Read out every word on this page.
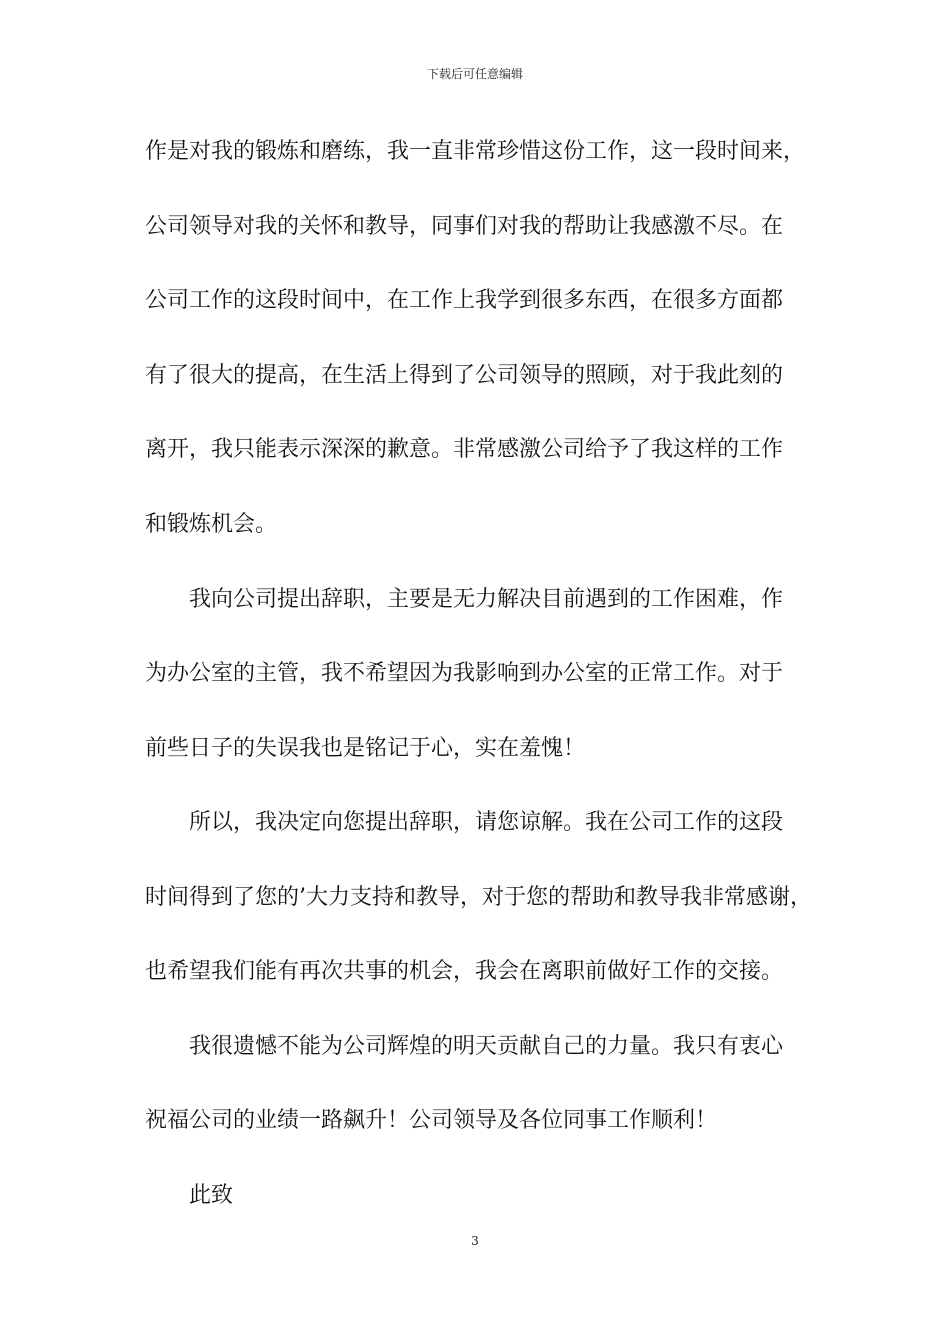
下载后可任意编辑
作是对我的锻炼和磨练，我一直非常珍惜这份工作，这一段时间来，
公司领导对我的关怀和教导，同事们对我的帮助让我感激不尽。在
公司工作的这段时间中，在工作上我学到很多东西，在很多方面都
有了很大的提高，在生活上得到了公司领导的照顾，对于我此刻的
离开，我只能表示深深的歉意。非常感激公司给予了我这样的工作
和锻炼机会。
我向公司提出辞职，主要是无力解决目前遇到的工作困难，作
为办公室的主管，我不希望因为我影响到办公室的正常工作。对于
前些日子的失误我也是铭记于心，实在羞愧！
所以，我决定向您提出辞职，请您谅解。我在公司工作的这段
时间得到了您的’大力支持和教导，对于您的帮助和教导我非常感谢，
也希望我们能有再次共事的机会，我会在离职前做好工作的交接。
我很遗憾不能为公司辉煌的明天贡献自己的力量。我只有衷心
祝福公司的业绩一路飙升！公司领导及各位同事工作顺利！
此致
3
